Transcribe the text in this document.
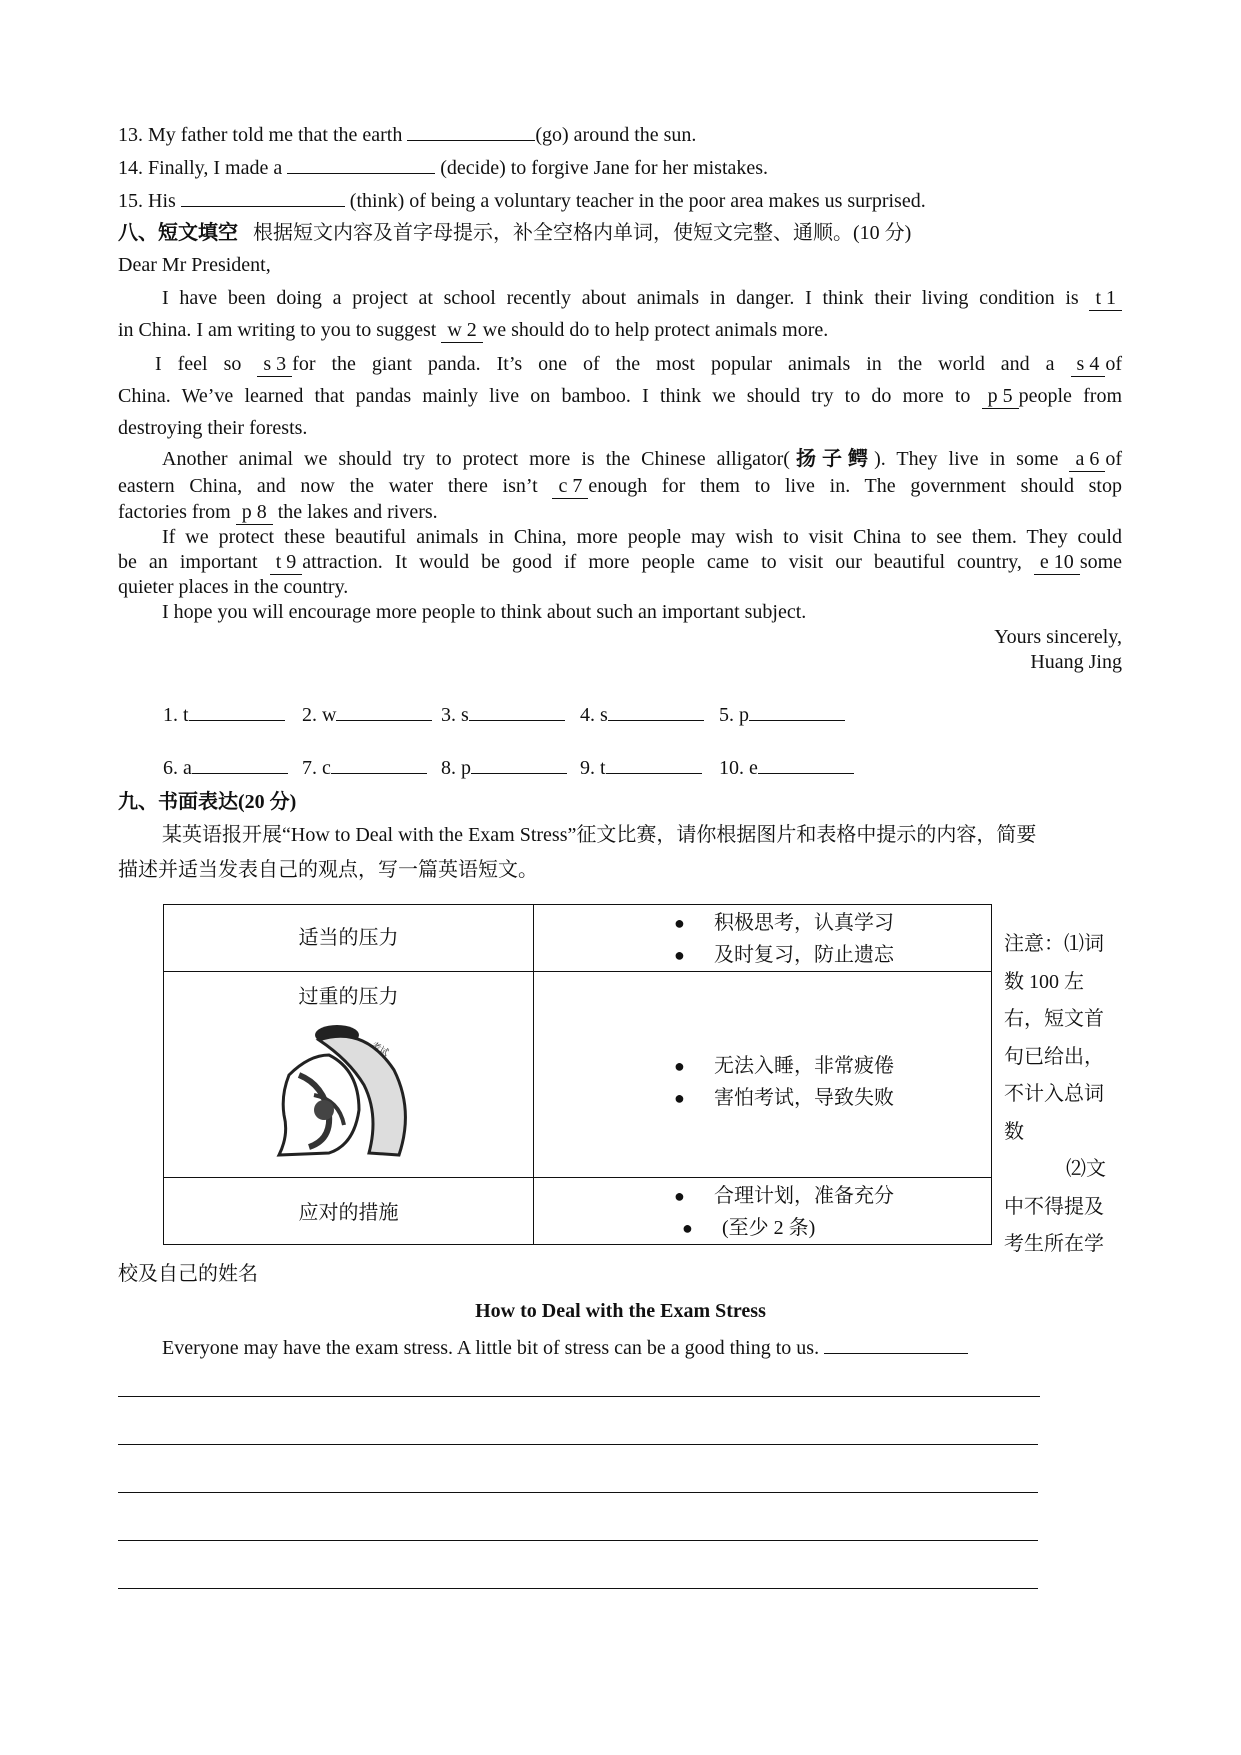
13. My father told me that the earth	(go) around the sun.
14. Finally, I made a	(decide) to forgive Jane for her mistakes.
15. His	(think) of being a voluntary teacher in the poor area makes us surprised.
八、短文填空 根据短文内容及首字母提示，补全空格内单词，使短文完整、通顺。(10 分)
Dear Mr President,
I have been doing a project at school recently about animals in danger. I think their living condition is t 1
in China. I am writing to you to suggest w 2 we should do to help protect animals more.
I feel so s 3 for the giant panda. It’s one of the most popular animals in the world and a s 4 of
China. We’ve learned that pandas mainly live on bamboo. I think we should try to do more to p 5 people from
destroying their forests.
Another animal we should try to protect more is the Chinese alligator(扬子鳄). They live in some a 6 of
eastern China, and now the water there isn’t c 7 enough for them to live in. The government should stop
factories from p 8 the lakes and rivers.
If we protect these beautiful animals in China, more people may wish to visit China to see them. They could
be an important t 9 attraction. It would be good if more people came to visit our beautiful country, e 10 some
quieter places in the country.
I hope you will encourage more people to think about such an important subject.
Yours sincerely,
Huang Jing
1. t	2. w	3. s	4. s	5. p
6. a	7. c	8. p	9. t	10. e
九、书面表达(20 分)
某英语报开展“How to Deal with the Exam Stress”征文比赛，请你根据图片和表格中提示的内容，简要
描述并适当发表自己的观点，写一篇英语短文。
适当的压力	● 积极思考，认真学习
● 及时复习，防止遗忘

过重的压力
考试	● 无法入睡，非常疲倦
● 害怕考试，导致失败

应对的措施	● 合理计划，准备充分
● (至少 2 条)
注意：⑴词
数 100 左
右，短文首
句已给出，
不计入总词
数
⑵文
中不得提及
考生所在学
校及自己的姓名
How to Deal with the Exam Stress
Everyone may have the exam stress. A little bit of stress can be a good thing to us.
